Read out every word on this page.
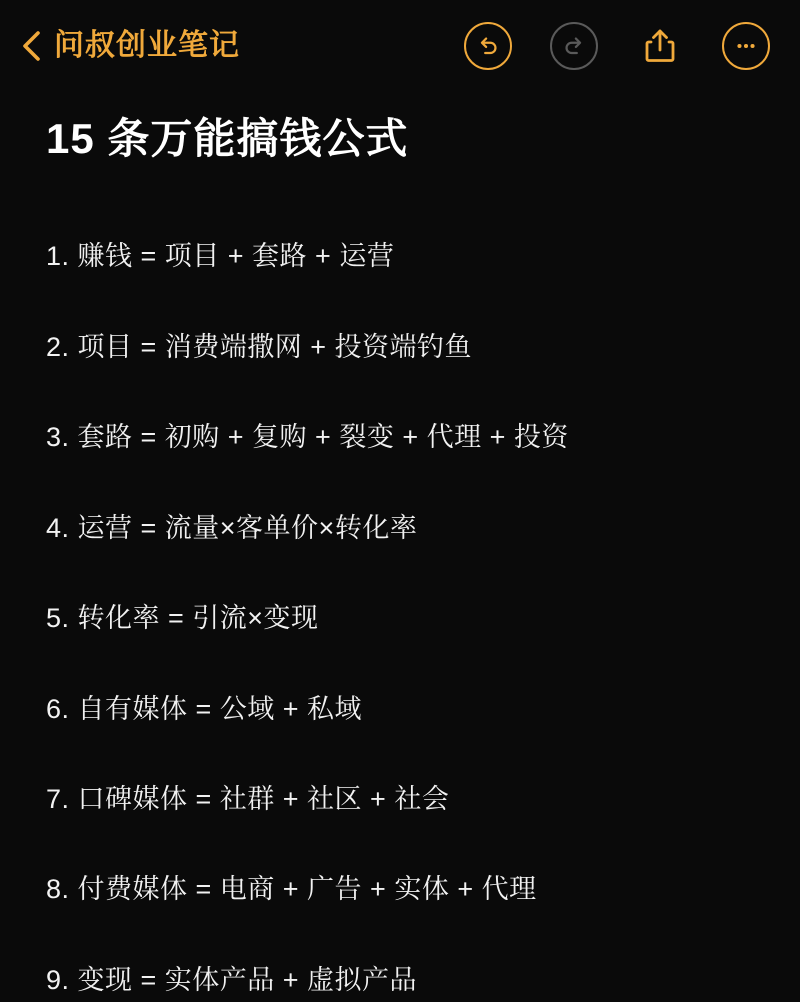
问叔创业笔记
15 条万能搞钱公式
1. 赚钱 = 项目 + 套路 + 运营
2. 项目 = 消费端撒网 + 投资端钓鱼
3. 套路 = 初购 + 复购 + 裂变 + 代理 + 投资
4. 运营 = 流量×客单价×转化率
5. 转化率 = 引流×变现
6. 自有媒体 = 公域 + 私域
7. 口碑媒体 = 社群 + 社区 + 社会
8. 付费媒体 = 电商 + 广告 + 实体 + 代理
9. 变现 = 实体产品 + 虚拟产品
